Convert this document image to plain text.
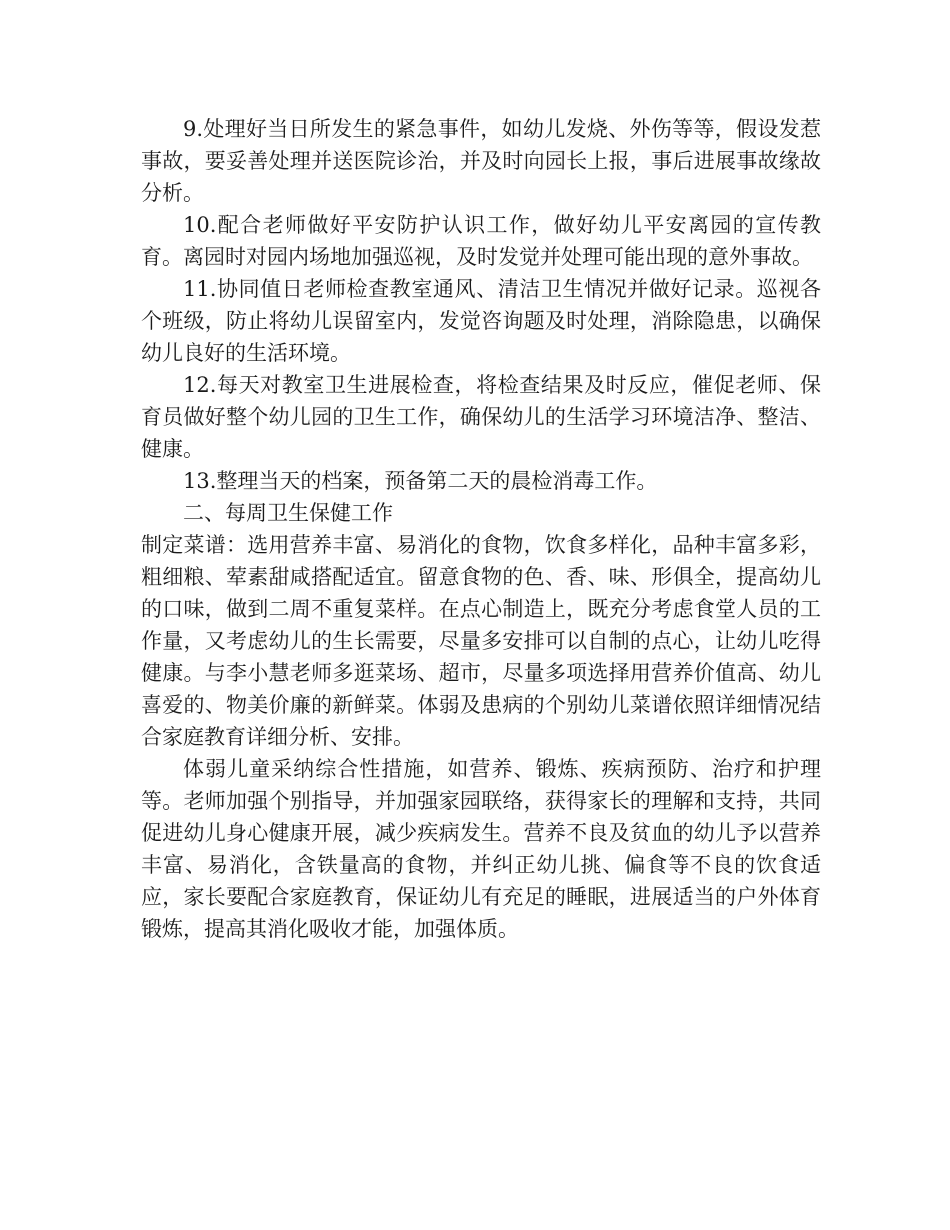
9.处理好当日所发生的紧急事件，如幼儿发烧、外伤等等，假设发惹事故，要妥善处理并送医院诊治，并及时向园长上报，事后进展事故缘故分析。

10.配合老师做好平安防护认识工作，做好幼儿平安离园的宣传教育。离园时对园内场地加强巡视，及时发觉并处理可能出现的意外事故。

11.协同值日老师检查教室通风、清洁卫生情况并做好记录。巡视各个班级，防止将幼儿误留室内，发觉咨询题及时处理，消除隐患，以确保幼儿良好的生活环境。

12.每天对教室卫生进展检查，将检查结果及时反应，催促老师、保育员做好整个幼儿园的卫生工作，确保幼儿的生活学习环境洁净、整洁、健康。

13.整理当天的档案，预备第二天的晨检消毒工作。

二、每周卫生保健工作

制定菜谱：选用营养丰富、易消化的食物，饮食多样化，品种丰富多彩，粗细粮、荤素甜咸搭配适宜。留意食物的色、香、味、形俱全，提高幼儿的口味，做到二周不重复菜样。在点心制造上，既充分考虑食堂人员的工作量，又考虑幼儿的生长需要，尽量多安排可以自制的点心，让幼儿吃得健康。与李小慧老师多逛菜场、超市，尽量多项选择用营养价值高、幼儿喜爱的、物美价廉的新鲜菜。体弱及患病的个别幼儿菜谱依照详细情况结合家庭教育详细分析、安排。

体弱儿童采纳综合性措施，如营养、锻炼、疾病预防、治疗和护理等。老师加强个别指导，并加强家园联络，获得家长的理解和支持，共同促进幼儿身心健康开展，减少疾病发生。营养不良及贫血的幼儿予以营养丰富、易消化，含铁量高的食物，并纠正幼儿挑、偏食等不良的饮食适应，家长要配合家庭教育，保证幼儿有充足的睡眠，进展适当的户外体育锻炼，提高其消化吸收才能，加强体质。
